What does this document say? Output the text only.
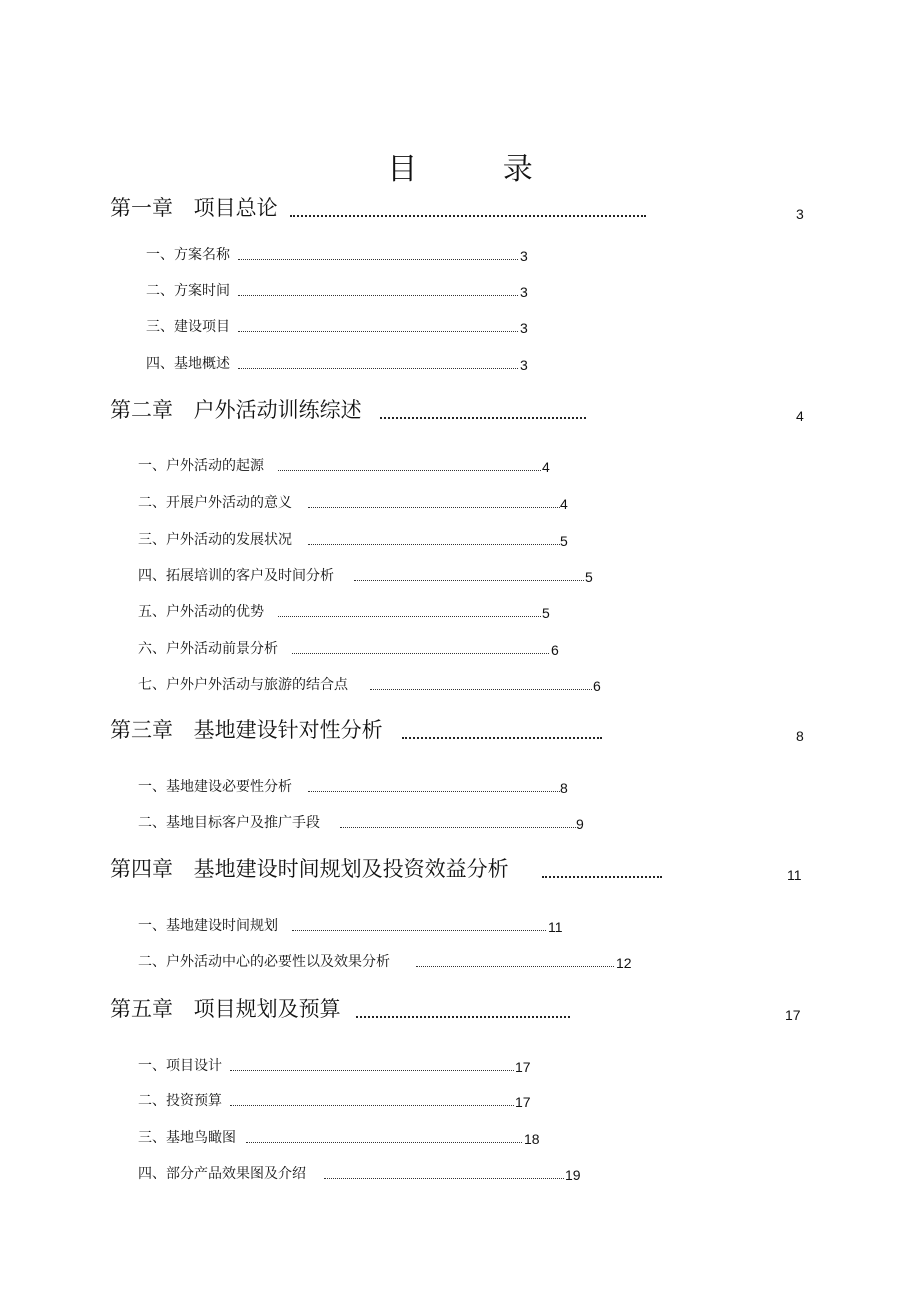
目 录
第一章 项目总论	3
一、方案名称	3
二、方案时间	3
三、建设项目	3
四、基地概述	3
第二章 户外活动训练综述	4
一、户外活动的起源	4
二、开展户外活动的意义	4
三、户外活动的发展状况	5
四、拓展培训的客户及时间分析	5
五、户外活动的优势	5
六、户外活动前景分析	6
七、户外户外活动与旅游的结合点	6
第三章 基地建设针对性分析	8
一、基地建设必要性分析	8
二、基地目标客户及推广手段	9
第四章 基地建设时间规划及投资效益分析	11
一、基地建设时间规划	11
二、户外活动中心的必要性以及效果分析	12
第五章 项目规划及预算	17
一、项目设计	17
二、投资预算	17
三、基地鸟瞰图	18
四、部分产品效果图及介绍	19
